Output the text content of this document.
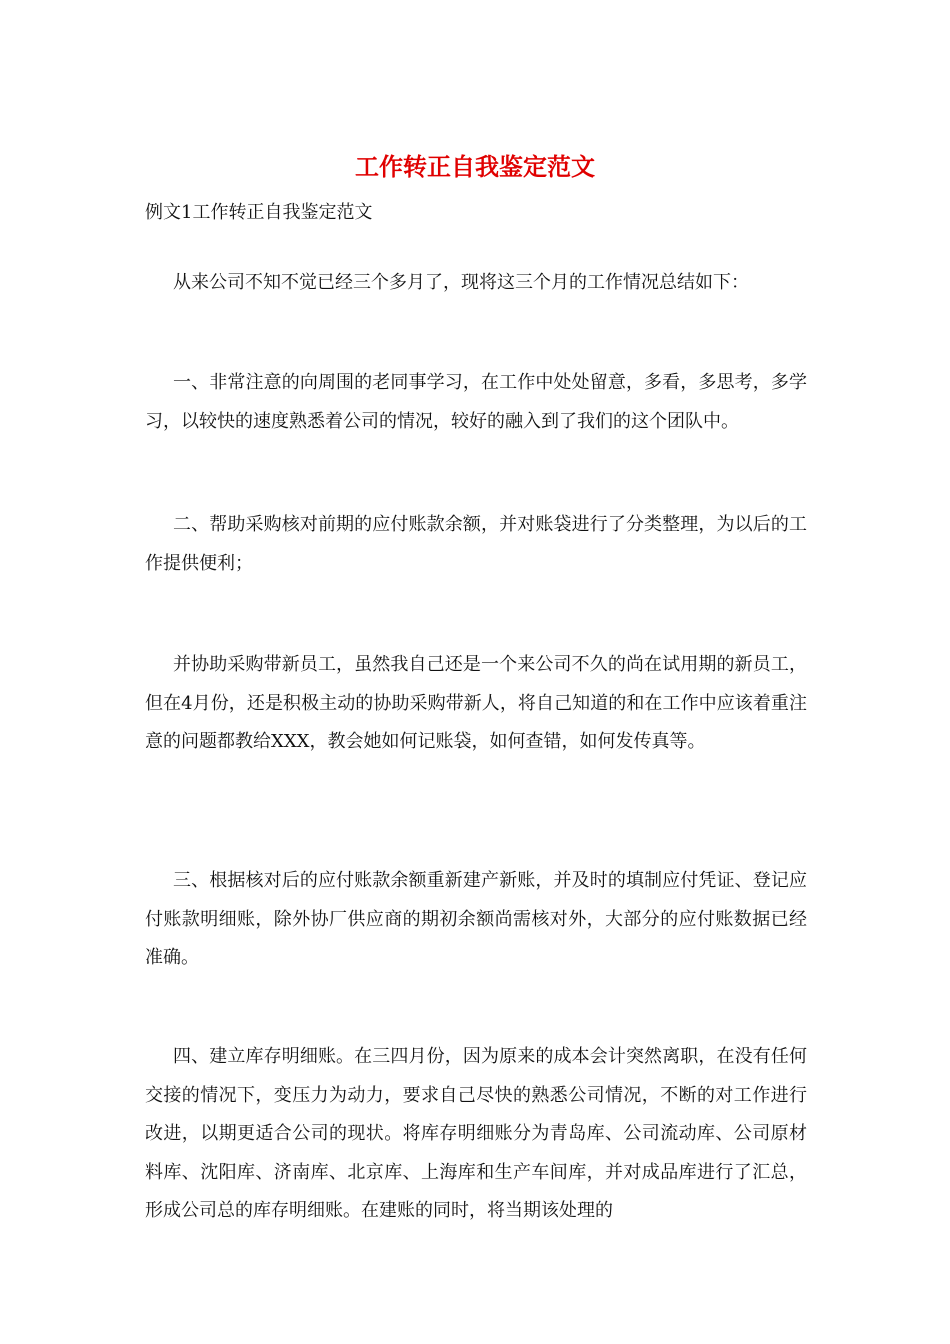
工作转正自我鉴定范文
例文1工作转正自我鉴定范文

从来公司不知不觉已经三个多月了，现将这三个月的工作情况总结如下：

一、非常注意的向周围的老同事学习，在工作中处处留意，多看，多思考，多学习，以较快的速度熟悉着公司的情况，较好的融入到了我们的这个团队中。

二、帮助采购核对前期的应付账款余额，并对账袋进行了分类整理，为以后的工作提供便利；

并协助采购带新员工，虽然我自己还是一个来公司不久的尚在试用期的新员工，但在4月份，还是积极主动的协助采购带新人，将自己知道的和在工作中应该着重注意的问题都教给XXX，教会她如何记账袋，如何查错，如何发传真等。

三、根据核对后的应付账款余额重新建产新账，并及时的填制应付凭证、登记应付账款明细账，除外协厂供应商的期初余额尚需核对外，大部分的应付账数据已经准确。

四、建立库存明细账。在三四月份，因为原来的成本会计突然离职，在没有任何交接的情况下，变压力为动力，要求自己尽快的熟悉公司情况，不断的对工作进行改进，以期更适合公司的现状。将库存明细账分为青岛库、公司流动库、公司原材料库、沈阳库、济南库、北京库、上海库和生产车间库，并对成品库进行了汇总，形成公司总的库存明细账。在建账的同时，将当期该处理的
